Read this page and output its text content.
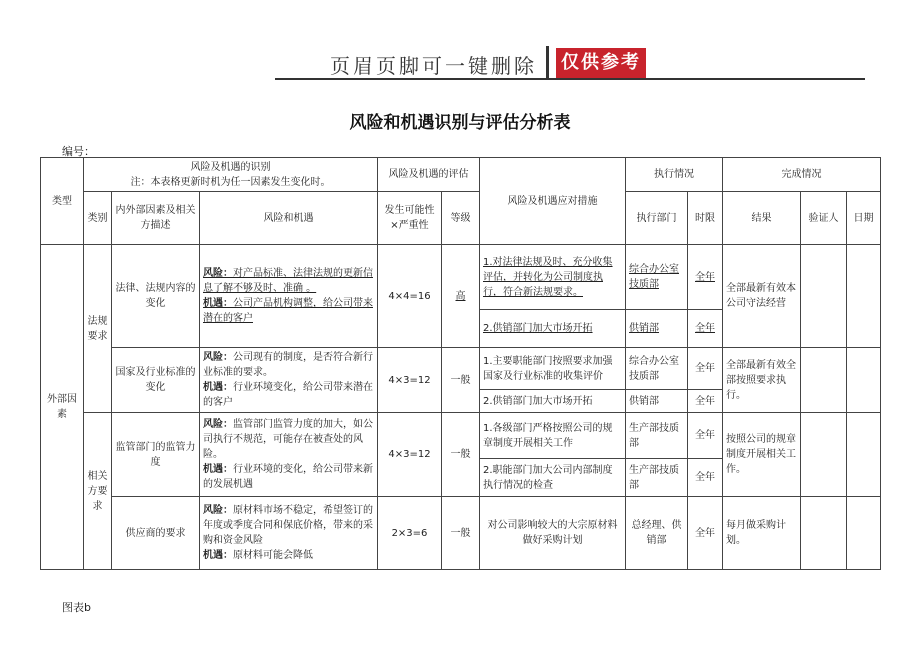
页眉页脚可一键删除 仅供参考
风险和机遇识别与评估分析表
编号：
类型	风险及机遇的识别
注：本表格更新时机为任一因素发生变化时。			风险及机遇的评估		风险及机遇应对措施	执行情况		完成情况		
	类别	内外部因素及相关方描述	风险和机遇	发生可能性×严重性	等级		执行部门	时限	结果	验证人	日期
外部因素	法规要求	法律、法规内容的变化	风险：对产品标准、法律法规的更新信息了解不够及时、准确 。
机遇：公司产品机构调整，给公司带来潜在的客户	4×4=16	高	1.对法律法规及时、充分收集评估，并转化为公司制度执行，符合新法规要求。	综合办公室技质部	全年	全部最新有效本公司守法经营		
						2.供销部门加大市场开拓	供销部	全年			
		国家及行业标准的变化	风险：公司现有的制度，是否符合新行业标准的要求。
机遇：行业环境变化，给公司带来潜在的客户	4×3=12	一般	1.主要职能部门按照要求加强国家及行业标准的收集评价	综合办公室技质部	全年	全部最新有效全部按照要求执行。		
						2.供销部门加大市场开拓	供销部	全年			
	相关方要求	监管部门的监管力度	风险：监管部门监管力度的加大，如公司执行不规范，可能存在被查处的风险。
机遇：行业环境的变化，给公司带来新的发展机遇	4×3=12	一般	1.各级部门严格按照公司的规章制度开展相关工作	生产部技质部	全年	按照公司的规章制度开展相关工作。		
						2.职能部门加大公司内部制度执行情况的检查	生产部技质部	全年			
		供应商的要求	风险：原材料市场不稳定，希望签订的年度或季度合同和保底价格，带来的采购和资金风险
机遇：原材料可能会降低	2×3=6	一般	对公司影响较大的大宗原材料做好采购计划	总经理、供销部	全年	每月做采购计划。		

图表b
